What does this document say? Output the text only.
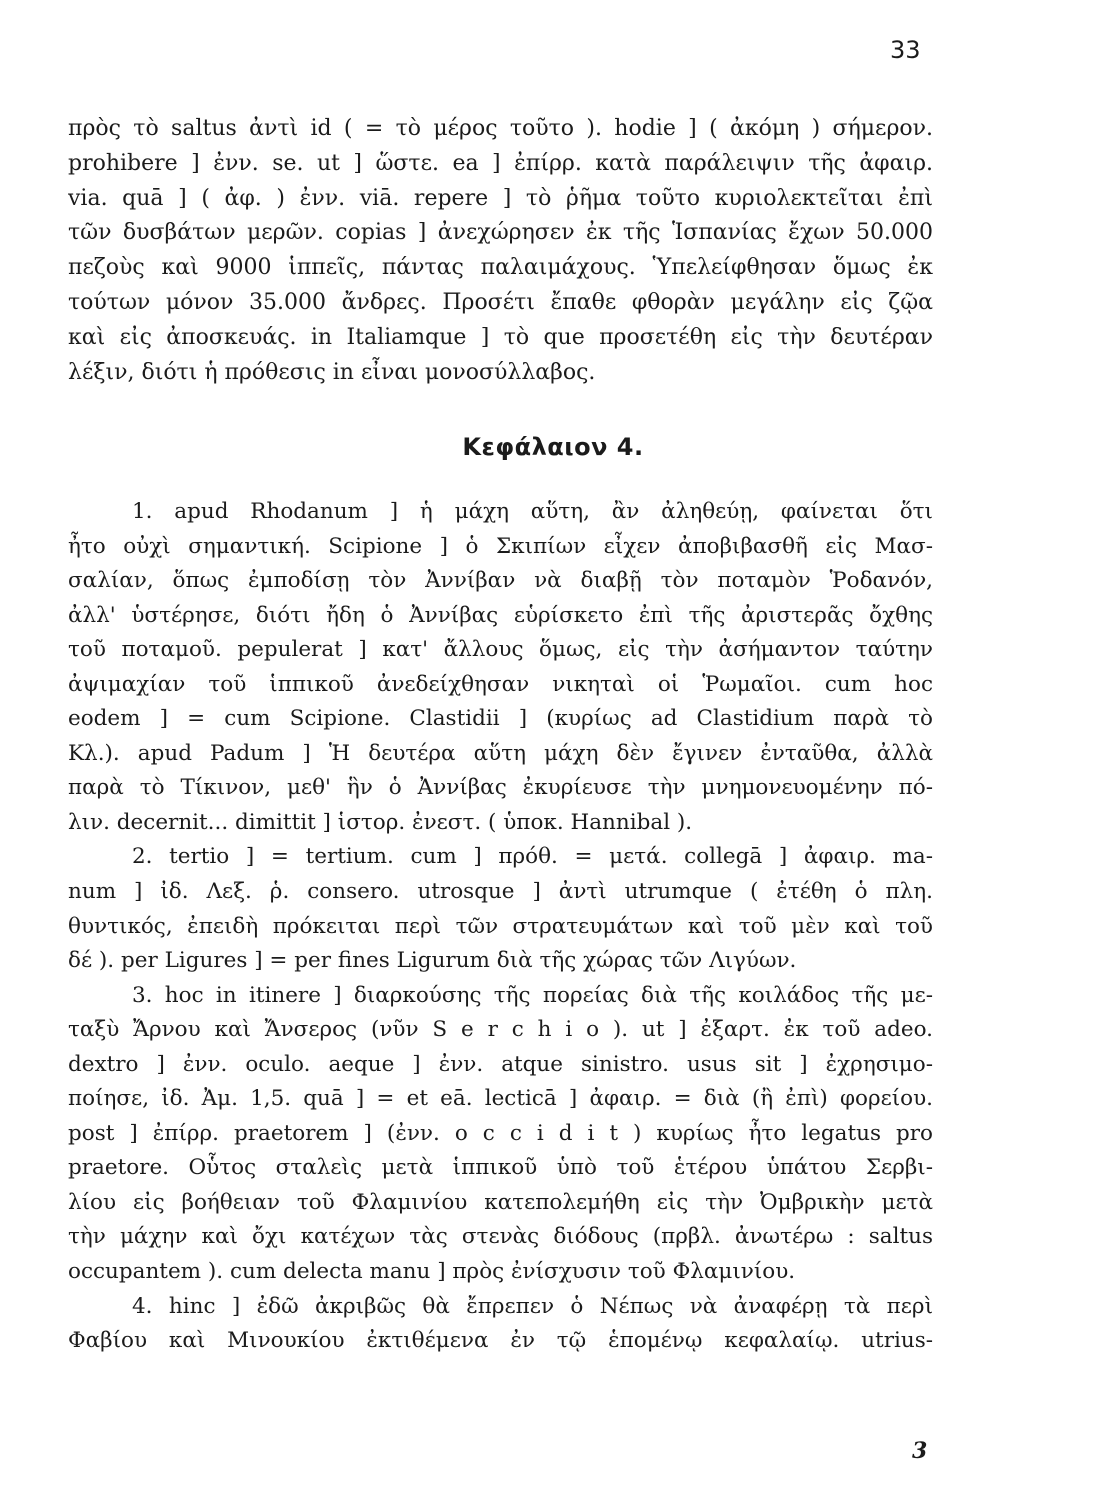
33
πρὸς τὸ saltus ἀντὶ id ( = τὸ μέρος τοῦτο ). hodie ] ( ἀκόμη ) σήμερον.
prohibere ] ἐνν. se. ut ] ὥστε. ea ] ἐπίρρ. κατὰ παράλειψιν τῆς ἀφαιρ.
via. quā ] ( ἀφ. ) ἐνν. viā. repere ] τὸ ῥῆμα τοῦτο κυριολεκτεῖται ἐπὶ
τῶν δυσβάτων μερῶν. copias ] ἀνεχώρησεν ἐκ τῆς Ἱσπανίας ἔχων 50.000
πεζοὺς καὶ 9000 ἱππεῖς, πάντας παλαιμάχους. Ὑπελείφθησαν ὅμως ἐκ
τούτων μόνον 35.000 ἄνδρες. Προσέτι ἔπαθε φθορὰν μεγάλην εἰς ζῷα
καὶ εἰς ἀποσκευάς. in Italiamque ] τὸ que προσετέθη εἰς τὴν δευτέραν
λέξιν, διότι ἡ πρόθεσις in εἶναι μονοσύλλαβος.
Κεφάλαιον 4.
1. apud Rhodanum ] ἡ μάχη αὕτη, ἂν ἀληθεύῃ, φαίνεται ὅτι
ἦτο οὐχὶ σημαντική. Scipione ] ὁ Σκιπίων εἶχεν ἀποβιβασθῆ εἰς Μασ-
σαλίαν, ὅπως ἐμποδίσῃ τὸν Ἀννίβαν νὰ διαβῇ τὸν ποταμὸν Ῥοδανόν,
ἀλλ' ὑστέρησε, διότι ἤδη ὁ Ἀννίβας εὑρίσκετο ἐπὶ τῆς ἀριστερᾶς ὄχθης
τοῦ ποταμοῦ. pepulerat ] κατ' ἄλλους ὅμως, εἰς τὴν ἀσήμαντον ταύτην
ἀψιμαχίαν τοῦ ἱππικοῦ ἀνεδείχθησαν νικηταὶ οἱ Ῥωμαῖοι. cum hoc
eodem ] = cum Scipione. Clastidii ] (κυρίως ad Clastidium παρὰ τὸ
Κλ.). apud Padum ] Ἡ δευτέρα αὕτη μάχη δὲν ἔγινεν ἐνταῦθα, ἀλλὰ
παρὰ τὸ Τίκινον, μεθ' ἣν ὁ Ἀννίβας ἐκυρίευσε τὴν μνημονευομένην πό-
λιν. decernit... dimittit ] ἱστορ. ἐνεστ. ( ὑποκ. Hannibal ).
2. tertio ] = tertium. cum ] πρόθ. = μετά. collegā ] ἀφαιρ. ma-
num ] ἰδ. Λεξ. ῥ. consero. utrosque ] ἀντὶ utrumque ( ἐτέθη ὁ πλη.
θυντικός, ἐπειδὴ πρόκειται περὶ τῶν στρατευμάτων καὶ τοῦ μὲν καὶ τοῦ
δέ ). per Ligures ] = per fines Ligurum διὰ τῆς χώρας τῶν Λιγύων.
3. hoc in itinere ] διαρκούσης τῆς πορείας διὰ τῆς κοιλάδος τῆς με-
ταξὺ Ἄρνου καὶ Ἄνσερος (νῦν S e r c h i o ). ut ] ἐξαρτ. ἐκ τοῦ adeo.
dextro ] ἐνν. oculo. aeque ] ἐνν. atque sinistro. usus sit ] ἐχρησιμο-
ποίησε, ἰδ. Ἀμ. 1,5. quā ] = et eā. lecticā ] ἀφαιρ. = διὰ (ἢ ἐπὶ) φορείου.
post ] ἐπίρρ. praetorem ] (ἐνν. o c c i d i t ) κυρίως ἦτο legatus pro
praetore. Οὗτος σταλεὶς μετὰ ἱππικοῦ ὑπὸ τοῦ ἑτέρου ὑπάτου Σερβι-
λίου εἰς βοήθειαν τοῦ Φλαμινίου κατεπολεμήθη εἰς τὴν Ὀμβρικὴν μετὰ
τὴν μάχην καὶ ὄχι κατέχων τὰς στενὰς διόδους (πρβλ. ἀνωτέρω : saltus
occupantem ). cum delecta manu ] πρὸς ἐνίσχυσιν τοῦ Φλαμινίου.
4. hinc ] ἐδῶ ἀκριβῶς θὰ ἔπρεπεν ὁ Νέπως νὰ ἀναφέρῃ τὰ περὶ
Φαβίου καὶ Μινουκίου ἐκτιθέμενα ἐν τῷ ἑπομένῳ κεφαλαίῳ. utrius-
3
